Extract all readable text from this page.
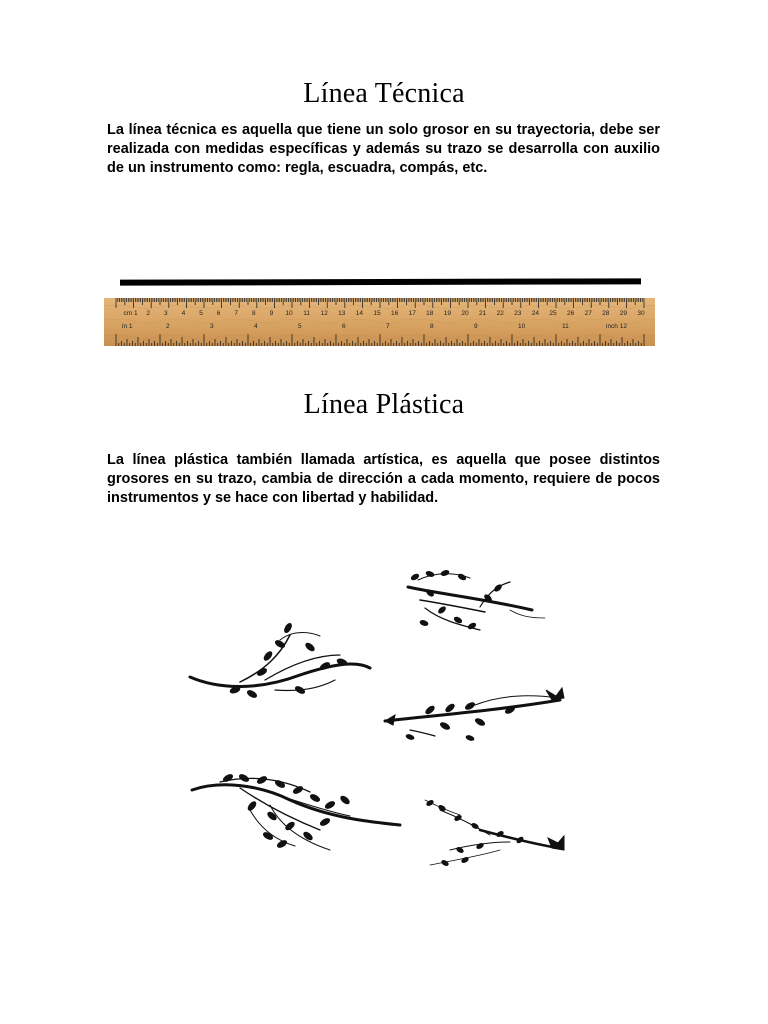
Línea Técnica
La línea técnica es aquella que tiene un solo grosor en su trayectoria, debe ser realizada con medidas específicas y además su trazo se desarrolla con auxilio de un instrumento como: regla, escuadra, compás, etc.
cm 1 2 3 4 5 6 7 8 9 10 11 12 13 14 15 16 17 18 19 20 21 22 23 24 25 26 27 28 29 30
in 1	2	3	4	5	6	7	8	9	10	11	inch 12
Línea Plástica
La línea plástica también llamada artística, es aquella que posee distintos grosores en su trazo, cambia de dirección a cada momento, requiere de pocos instrumentos y se hace con libertad y habilidad.
